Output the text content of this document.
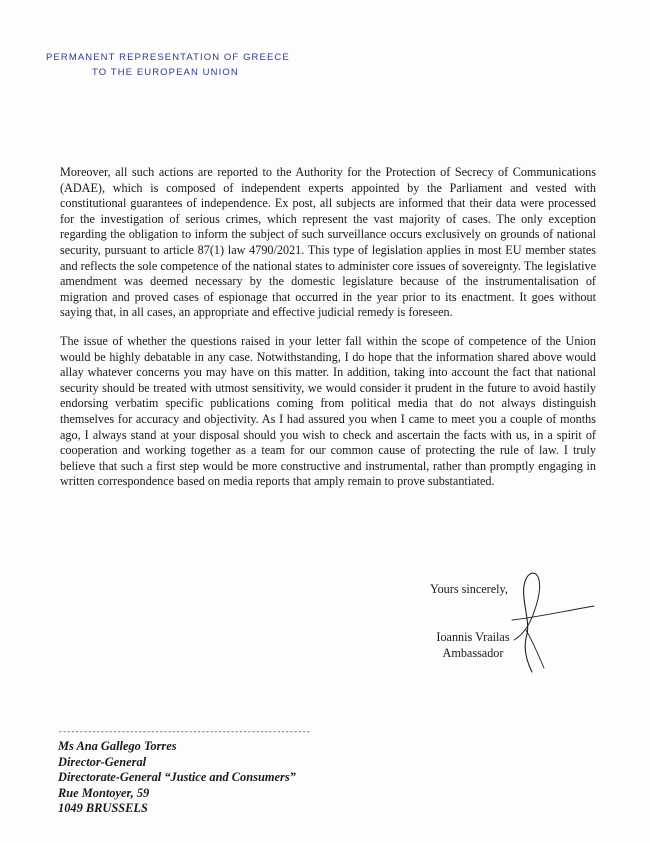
PERMANENT REPRESENTATION OF GREECE
TO THE EUROPEAN UNION

Moreover, all such actions are reported to the Authority for the Protection of Secrecy of Communications (ADAE), which is composed of independent experts appointed by the Parliament and vested with constitutional guarantees of independence. Ex post, all subjects are informed that their data were processed for the investigation of serious crimes, which represent the vast majority of cases. The only exception regarding the obligation to inform the subject of such surveillance occurs exclusively on grounds of national security, pursuant to article 87(1) law 4790/2021. This type of legislation applies in most EU member states and reflects the sole competence of the national states to administer core issues of sovereignty. The legislative amendment was deemed necessary by the domestic legislature because of the instrumentalisation of migration and proved cases of espionage that occurred in the year prior to its enactment. It goes without saying that, in all cases, an appropriate and effective judicial remedy is foreseen.

The issue of whether the questions raised in your letter fall within the scope of competence of the Union would be highly debatable in any case. Notwithstanding, I do hope that the information shared above would allay whatever concerns you may have on this matter. In addition, taking into account the fact that national security should be treated with utmost sensitivity, we would consider it prudent in the future to avoid hastily endorsing verbatim specific publications coming from political media that do not always distinguish themselves for accuracy and objectivity. As I had assured you when I came to meet you a couple of months ago, I always stand at your disposal should you wish to check and ascertain the facts with us, in a spirit of cooperation and working together as a team for our common cause of protecting the rule of law. I truly believe that such a first step would be more constructive and instrumental, rather than promptly engaging in written correspondence based on media reports that amply remain to prove substantiated.

Yours sincerely,
Ioannis Vrailas
Ambassador
------------------------------------------------------------
Ms Ana Gallego Torres
Director-General
Directorate-General “Justice and Consumers”
Rue Montoyer, 59
1049 BRUSSELS
